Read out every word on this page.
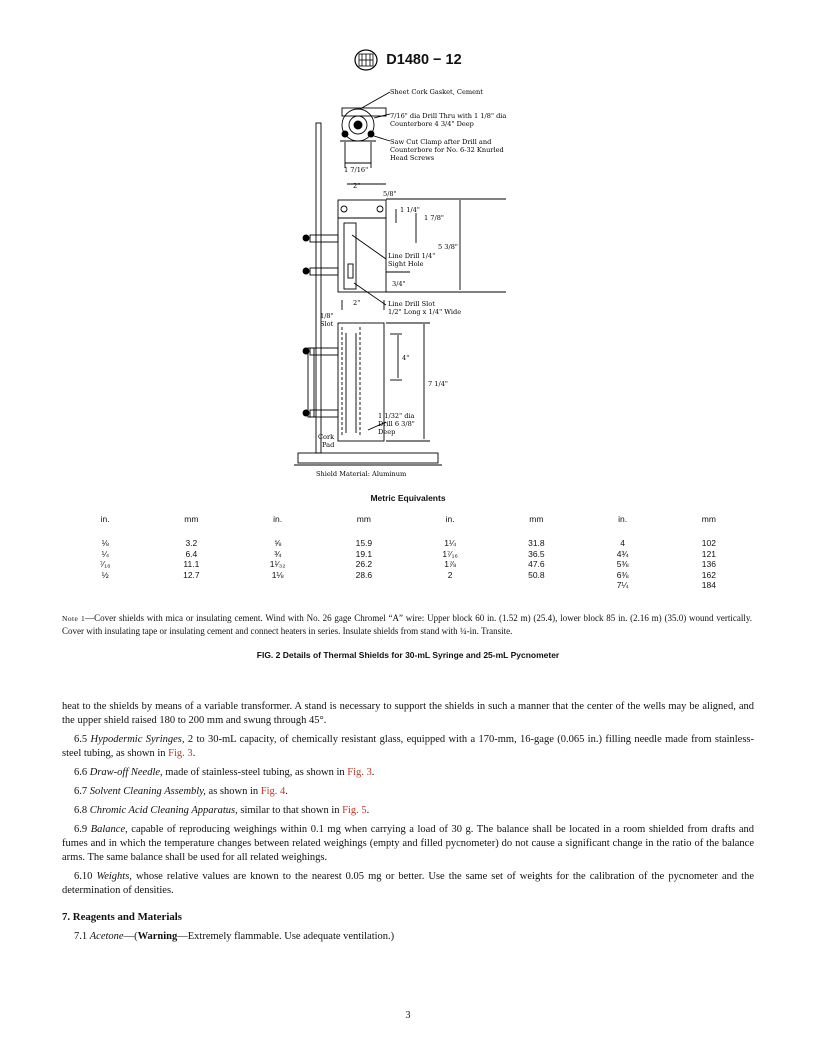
D1480 − 12
Sheet Cork Gasket, Cement
7/16" dia Drill Thru with 1 1/8" dia
Counterbore 4 3/4" Deep
Saw Cut Clamp after Drill and
Counterbore for No. 6-32 Knurled
Head Screws
1 7/16"
2"
5/8"
1 1/4"
1 7/8"
5 3/8"
Line Drill 1/4"
Sight Hole
3/4"
2"	Line Drill Slot
1/2" Long x 1/4" Wide
1/8"
Slot
4"
7 1/4"
1 1/32" dia
Drill 6 3/8"
Deep
Cork
Pad
Shield Material: Aluminum
Metric Equivalents
in.	mm	in.	mm	in.	mm	in.	mm
⅛	3.2	⅝	15.9	1¼	31.8	4	102
¼	6.4	¾	19.1	1⁷⁄₁₆	36.5	4¾	121
⁷⁄₁₆	11.1	1¹⁄₃₂	26.2	1⅞	47.6	5⅜	136
½	12.7	1⅛	28.6	2	50.8	6⅜	162
						7¼	184
Note 1—Cover shields with mica or insulating cement. Wind with No. 26 gage Chromel “A” wire: Upper block 60 in. (1.52 m) (25.4), lower block 85 in. (2.16 m) (35.0) wound vertically. Cover with insulating tape or insulating cement and connect heaters in series. Insulate shields from stand with ¼-in. Transite.
FIG. 2 Details of Thermal Shields for 30-mL Syringe and 25-mL Pycnometer

heat to the shields by means of a variable transformer. A stand is necessary to support the shields in such a manner that the center of the wells may be aligned, and the upper shield raised 180 to 200 mm and swung through 45°.

6.5 Hypodermic Syringes, 2 to 30-mL capacity, of chemically resistant glass, equipped with a 170-mm, 16-gage (0.065 in.) filling needle made from stainless-steel tubing, as shown in Fig. 3.

6.6 Draw-off Needle, made of stainless-steel tubing, as shown in Fig. 3.

6.7 Solvent Cleaning Assembly, as shown in Fig. 4.

6.8 Chromic Acid Cleaning Apparatus, similar to that shown in Fig. 5.

6.9 Balance, capable of reproducing weighings within 0.1 mg when carrying a load of 30 g. The balance shall be located in a room shielded from drafts and fumes and in which the temperature changes between related weighings (empty and filled pycnometer) do not cause a significant change in the ratio of the balance arms. The same balance shall be used for all related weighings.

6.10 Weights, whose relative values are known to the nearest 0.05 mg or better. Use the same set of weights for the calibration of the pycnometer and the determination of densities.

7. Reagents and Materials

7.1 Acetone—(Warning—Extremely flammable. Use adequate ventilation.)

3
